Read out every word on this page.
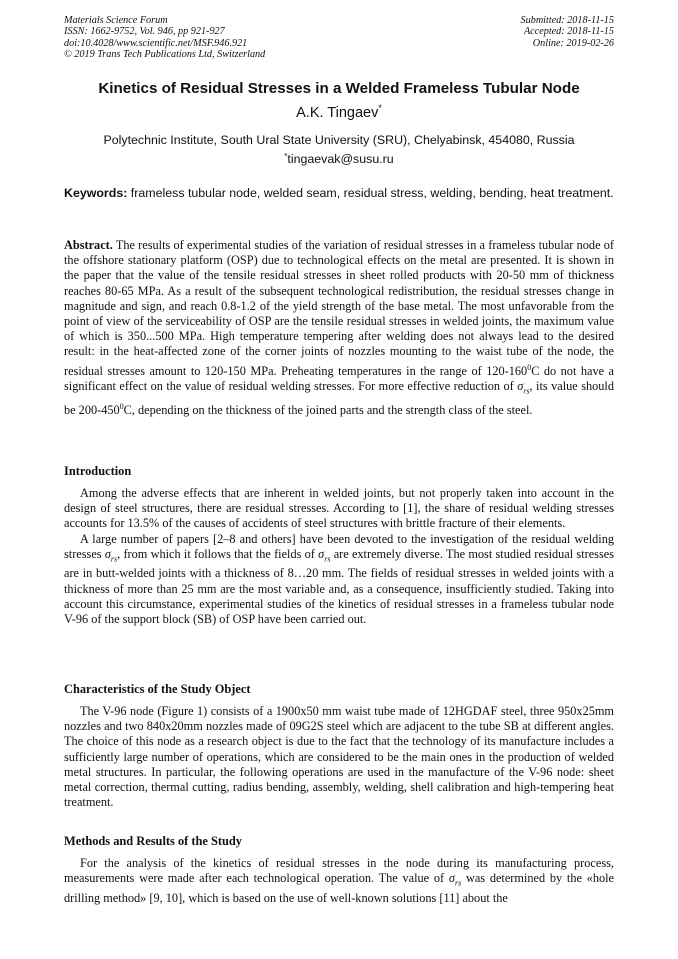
Materials Science Forum
ISSN: 1662-9752, Vol. 946, pp 921-927
doi:10.4028/www.scientific.net/MSF.946.921
© 2019 Trans Tech Publications Ltd, Switzerland
Submitted: 2018-11-15
Accepted: 2018-11-15
Online: 2019-02-26
Kinetics of Residual Stresses in a Welded Frameless Tubular Node
A.K. Tingaev*
Polytechnic Institute, South Ural State University (SRU), Chelyabinsk, 454080, Russia
*tingaevak@susu.ru
Keywords: frameless tubular node, welded seam, residual stress, welding, bending, heat treatment.

Abstract. The results of experimental studies of the variation of residual stresses in a frameless tubular node of the offshore stationary platform (OSP) due to technological effects on the metal are presented. It is shown in the paper that the value of the tensile residual stresses in sheet rolled products with 20-50 mm of thickness reaches 80-65 MPa. As a result of the subsequent technological redistribution, the residual stresses change in magnitude and sign, and reach 0.8-1.2 of the yield strength of the base metal. The most unfavorable from the point of view of the serviceability of OSP are the tensile residual stresses in welded joints, the maximum value of which is 350...500 MPa. High temperature tempering after welding does not always lead to the desired result: in the heat-affected zone of the corner joints of nozzles mounting to the waist tube of the node, the residual stresses amount to 120-150 MPa. Preheating temperatures in the range of $120-160^0C$ do not have a significant effect on the value of residual welding stresses. For more effective reduction of $\sigma_{rs}$, its value should be $200-450^0C$, depending on the thickness of the joined parts and the strength class of the steel.

Introduction

Among the adverse effects that are inherent in welded joints, but not properly taken into account in the design of steel structures, there are residual stresses. According to [1], the share of residual welding stresses accounts for 13.5% of the causes of accidents of steel structures with brittle fracture of their elements.

A large number of papers [2–8 and others] have been devoted to the investigation of the residual welding stresses $\sigma_{rs}$, from which it follows that the fields of $\sigma_{rs}$ are extremely diverse. The most studied residual stresses are in butt-welded joints with a thickness of 8…20 mm. The fields of residual stresses in welded joints with a thickness of more than 25 mm are the most variable and, as a consequence, insufficiently studied. Taking into account this circumstance, experimental studies of the kinetics of residual stresses in a frameless tubular node V-96 of the support block (SB) of OSP have been carried out.

Characteristics of the Study Object

The V-96 node (Figure 1) consists of a 1900x50 mm waist tube made of 12HGDAF steel, three 950x25mm nozzles and two 840x20mm nozzles made of 09G2S steel which are adjacent to the tube SB at different angles. The choice of this node as a research object is due to the fact that the technology of its manufacture includes a sufficiently large number of operations, which are considered to be the main ones in the production of welded metal structures. In particular, the following operations are used in the manufacture of the V-96 node: sheet metal correction, thermal cutting, radius bending, assembly, welding, shell calibration and high-tempering heat treatment.

Methods and Results of the Study

For the analysis of the kinetics of residual stresses in the node during its manufacturing process, measurements were made after each technological operation. The value of $\sigma_{rs}$ was determined by the «hole drilling method» [9, 10], which is based on the use of well-known solutions [11] about the
